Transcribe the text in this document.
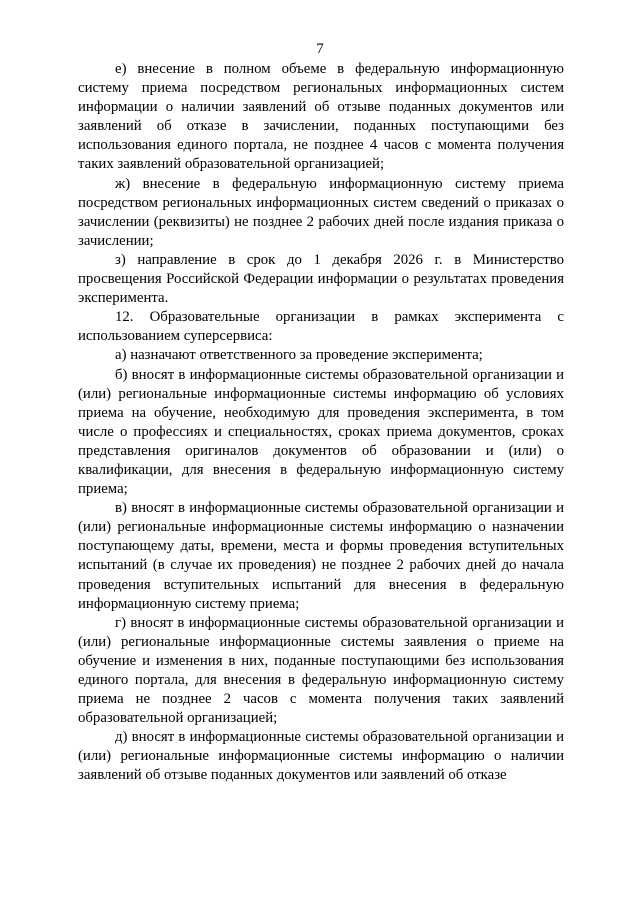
7

е) внесение в полном объеме в федеральную информационную систему приема посредством региональных информационных систем информации о наличии заявлений об отзыве поданных документов или заявлений об отказе в зачислении, поданных поступающими без использования единого портала, не позднее 4 часов с момента получения таких заявлений образовательной организацией;

ж) внесение в федеральную информационную систему приема посредством региональных информационных систем сведений о приказах о зачислении (реквизиты) не позднее 2 рабочих дней после издания приказа о зачислении;

з) направление в срок до 1 декабря 2026 г. в Министерство просвещения Российской Федерации информации о результатах проведения эксперимента.

12. Образовательные организации в рамках эксперимента с использованием суперсервиса:

а) назначают ответственного за проведение эксперимента;

б) вносят в информационные системы образовательной организации и (или) региональные информационные системы информацию об условиях приема на обучение, необходимую для проведения эксперимента, в том числе о профессиях и специальностях, сроках приема документов, сроках представления оригиналов документов об образовании и (или) о квалификации, для внесения в федеральную информационную систему приема;

в) вносят в информационные системы образовательной организации и (или) региональные информационные системы информацию о назначении поступающему даты, времени, места и формы проведения вступительных испытаний (в случае их проведения) не позднее 2 рабочих дней до начала проведения вступительных испытаний для внесения в федеральную информационную систему приема;

г) вносят в информационные системы образовательной организации и (или) региональные информационные системы заявления о приеме на обучение и изменения в них, поданные поступающими без использования единого портала, для внесения в федеральную информационную систему приема не позднее 2 часов с момента получения таких заявлений образовательной организацией;

д) вносят в информационные системы образовательной организации и (или) региональные информационные системы информацию о наличии заявлений об отзыве поданных документов или заявлений об отказе
